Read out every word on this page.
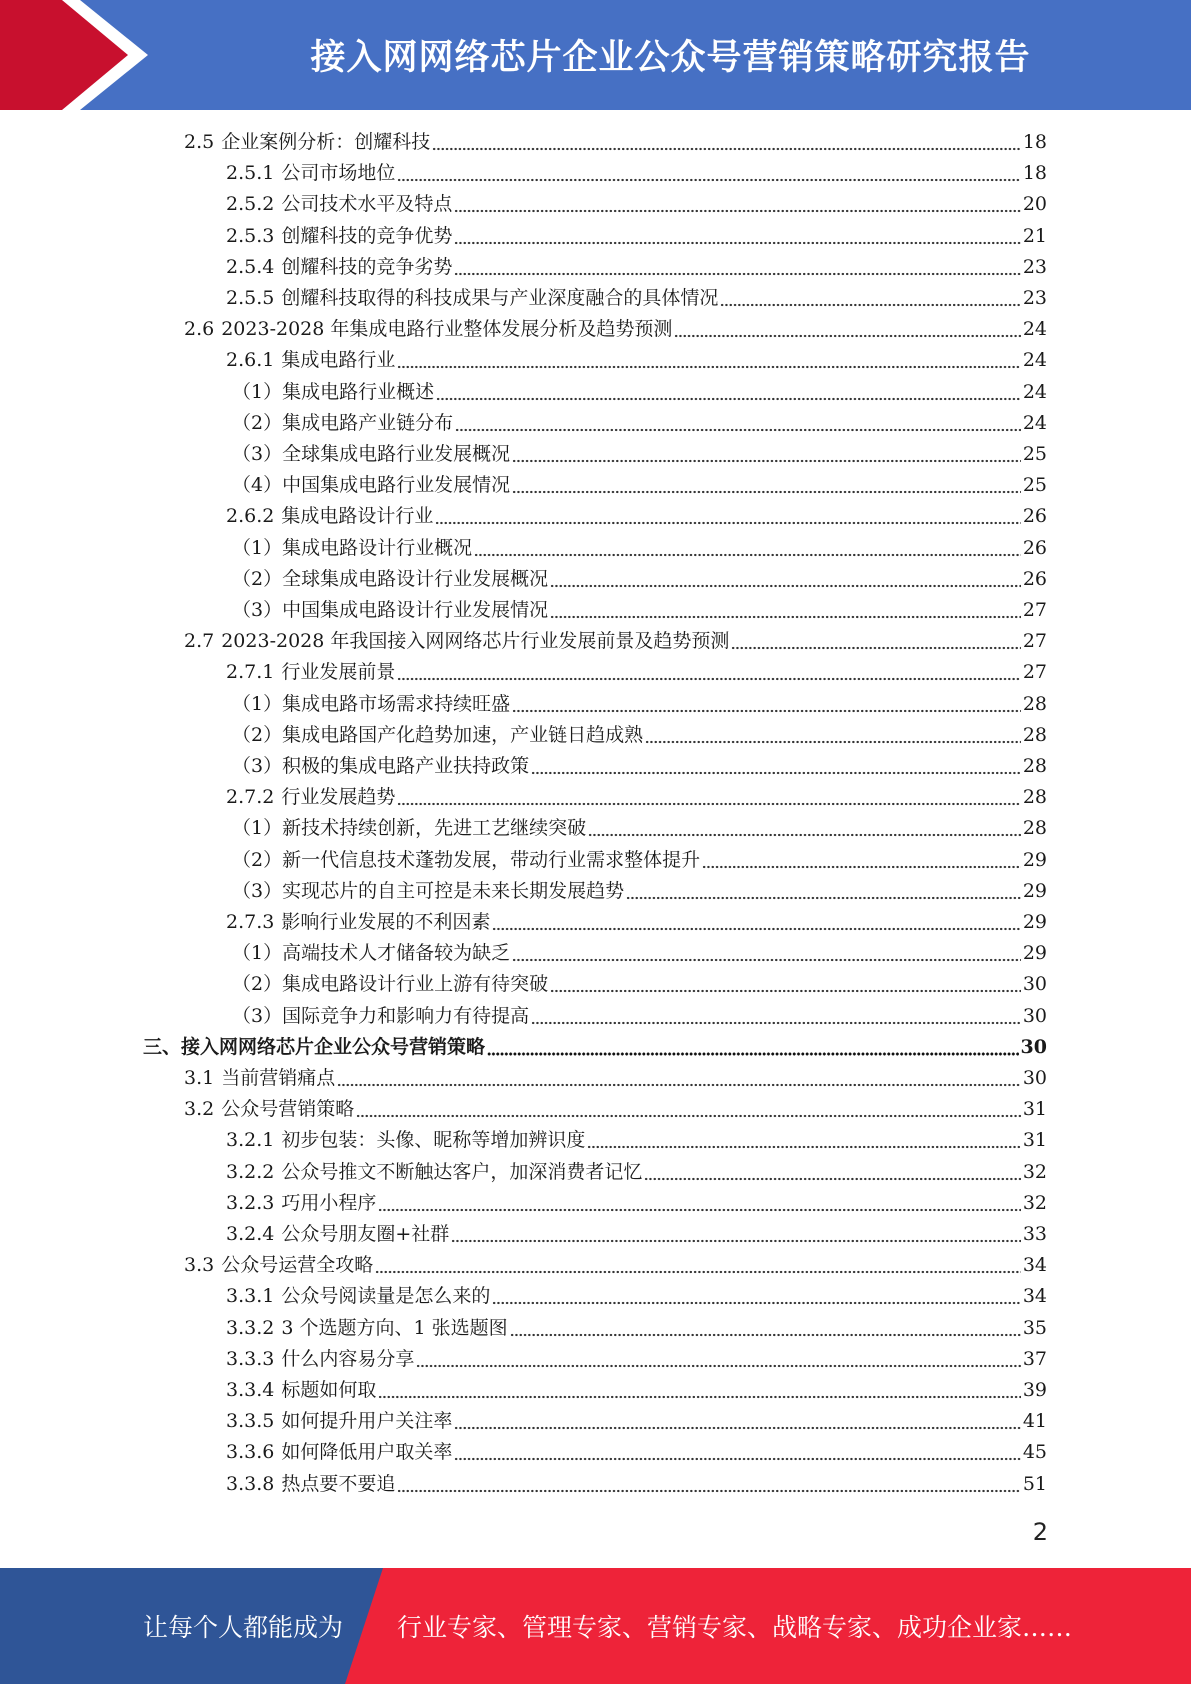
接入网网络芯片企业公众号营销策略研究报告
2.5 企业案例分析：创耀科技	18
2.5.1 公司市场地位	18
2.5.2 公司技术水平及特点	20
2.5.3 创耀科技的竞争优势	21
2.5.4 创耀科技的竞争劣势	23
2.5.5 创耀科技取得的科技成果与产业深度融合的具体情况	23
2.6 2023-2028 年集成电路行业整体发展分析及趋势预测	24
2.6.1 集成电路行业	24
（1） 集成电路行业概述	24
（2） 集成电路产业链分布	24
（3） 全球集成电路行业发展概况	25
（4） 中国集成电路行业发展情况	25
2.6.2 集成电路设计行业	26
（1） 集成电路设计行业概况	26
（2） 全球集成电路设计行业发展概况	26
（3） 中国集成电路设计行业发展情况	27
2.7 2023-2028 年我国接入网网络芯片行业发展前景及趋势预测	27
2.7.1 行业发展前景	27
（1） 集成电路市场需求持续旺盛	28
（2） 集成电路国产化趋势加速，产业链日趋成熟	28
（3） 积极的集成电路产业扶持政策	28
2.7.2 行业发展趋势	28
（1） 新技术持续创新，先进工艺继续突破	28
（2） 新一代信息技术蓬勃发展，带动行业需求整体提升	29
（3） 实现芯片的自主可控是未来长期发展趋势	29
2.7.3 影响行业发展的不利因素	29
（1） 高端技术人才储备较为缺乏	29
（2） 集成电路设计行业上游有待突破	30
（3） 国际竞争力和影响力有待提高	30
三、 接入网网络芯片企业公众号营销策略	30
3.1 当前营销痛点	30
3.2 公众号营销策略	31
3.2.1 初步包装：头像、昵称等增加辨识度	31
3.2.2 公众号推文不断触达客户，加深消费者记忆	32
3.2.3 巧用小程序	32
3.2.4 公众号朋友圈+社群	33
3.3 公众号运营全攻略	34
3.3.1 公众号阅读量是怎么来的	34
3.3.2 3 个选题方向、1 张选题图	35
3.3.3 什么内容易分享	37
3.3.4 标题如何取	39
3.3.5 如何提升用户关注率	41
3.3.6 如何降低用户取关率	45
3.3.8 热点要不要追	51
2
让每个人都能成为 行业专家、管理专家、营销专家、战略专家、成功企业家……
